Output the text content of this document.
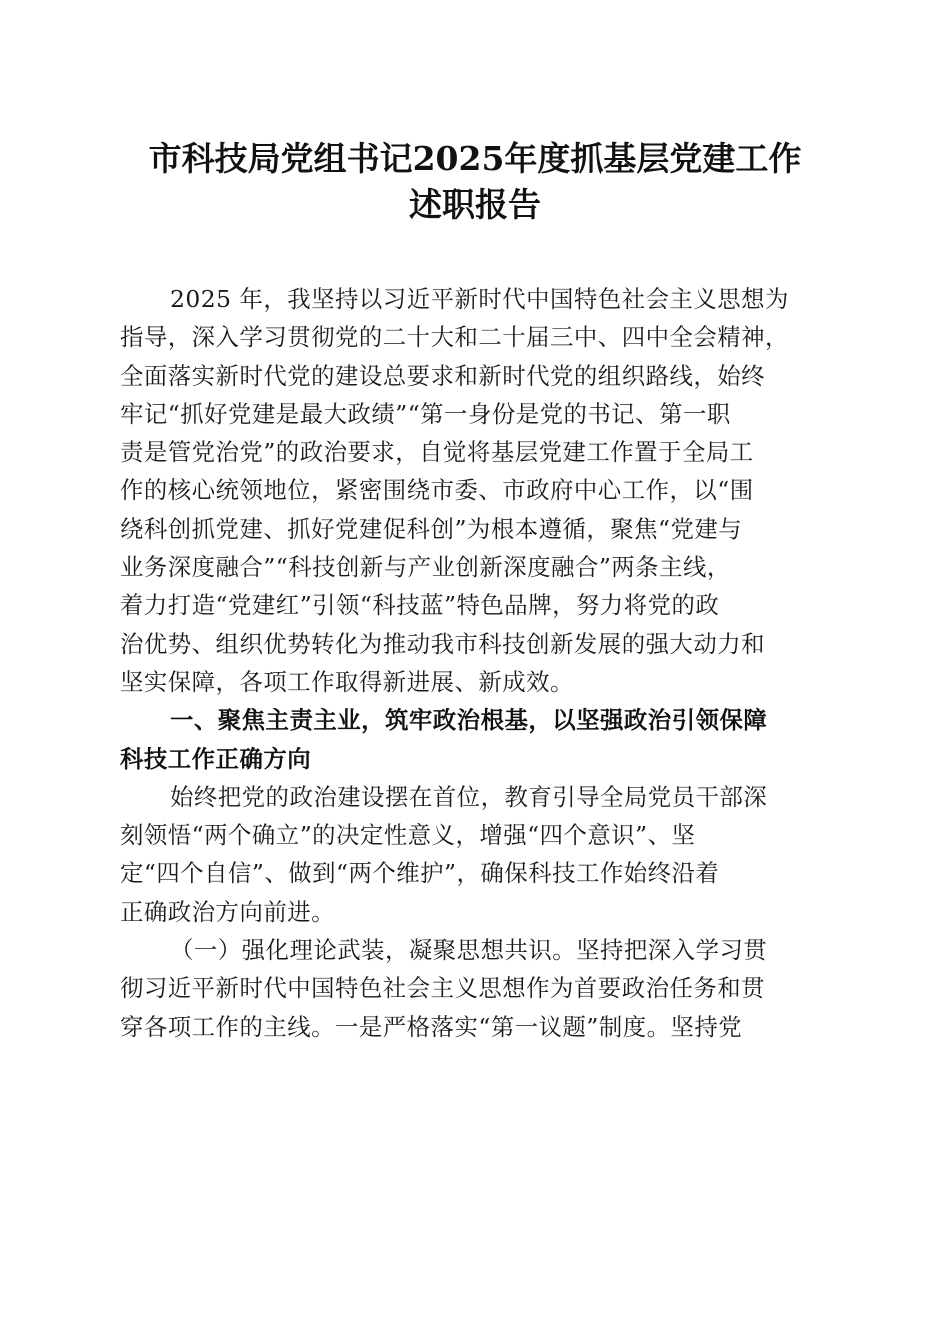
市科技局党组书记2025年度抓基层党建工作
述职报告
2025 年，我坚持以习近平新时代中国特色社会主义思想为
指导，深入学习贯彻党的二十大和二十届三中、四中全会精神，
全面落实新时代党的建设总要求和新时代党的组织路线，始终
牢记“抓好党建是最大政绩”“第一身份是党的书记、第一职
责是管党治党”的政治要求，自觉将基层党建工作置于全局工
作的核心统领地位，紧密围绕市委、市政府中心工作，以“围
绕科创抓党建、抓好党建促科创”为根本遵循，聚焦“党建与
业务深度融合”“科技创新与产业创新深度融合”两条主线，
着力打造“党建红”引领“科技蓝”特色品牌，努力将党的政
治优势、组织优势转化为推动我市科技创新发展的强大动力和
坚实保障，各项工作取得新进展、新成效。
一、聚焦主责主业，筑牢政治根基，以坚强政治引领保障
科技工作正确方向
始终把党的政治建设摆在首位，教育引导全局党员干部深
刻领悟“两个确立”的决定性意义，增强“四个意识”、坚
定“四个自信”、做到“两个维护”，确保科技工作始终沿着
正确政治方向前进。
（一）强化理论武装，凝聚思想共识。坚持把深入学习贯
彻习近平新时代中国特色社会主义思想作为首要政治任务和贯
穿各项工作的主线。一是严格落实“第一议题”制度。坚持党
